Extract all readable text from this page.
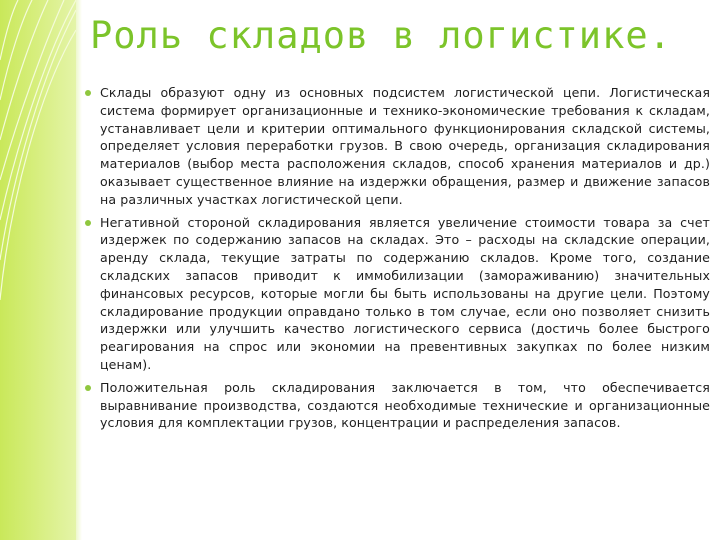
Роль складов в логистике.
Склады образуют одну из основных подсистем логистической цепи. Логистическая система формирует организационные и технико-экономические требования к складам, устанавливает цели и критерии оптимального функционирования складской системы, определяет условия переработки грузов. В свою очередь, организация складирования материалов (выбор места расположения складов, способ хранения материалов и др.) оказывает существенное влияние на издержки обращения, размер и движение запасов на различных участках логистической цепи.
Негативной стороной складирования является увеличение стоимости товара за счет издержек по содержанию запасов на складах. Это – расходы на складские операции, аренду склада, текущие затраты по содержанию складов. Кроме того, создание складских запасов приводит к иммобилизации (замораживанию) значительных финансовых ресурсов, которые могли бы быть использованы на другие цели. Поэтому складирование продукции оправдано только в том случае, если оно позволяет снизить издержки или улучшить качество логистического сервиса (достичь более быстрого реагирования на спрос или экономии на превентивных закупках по более низким ценам).
Положительная роль складирования заключается в том, что обеспечивается выравнивание производства, создаются необходимые технические и организационные условия для комплектации грузов, концентрации и распределения запасов.
